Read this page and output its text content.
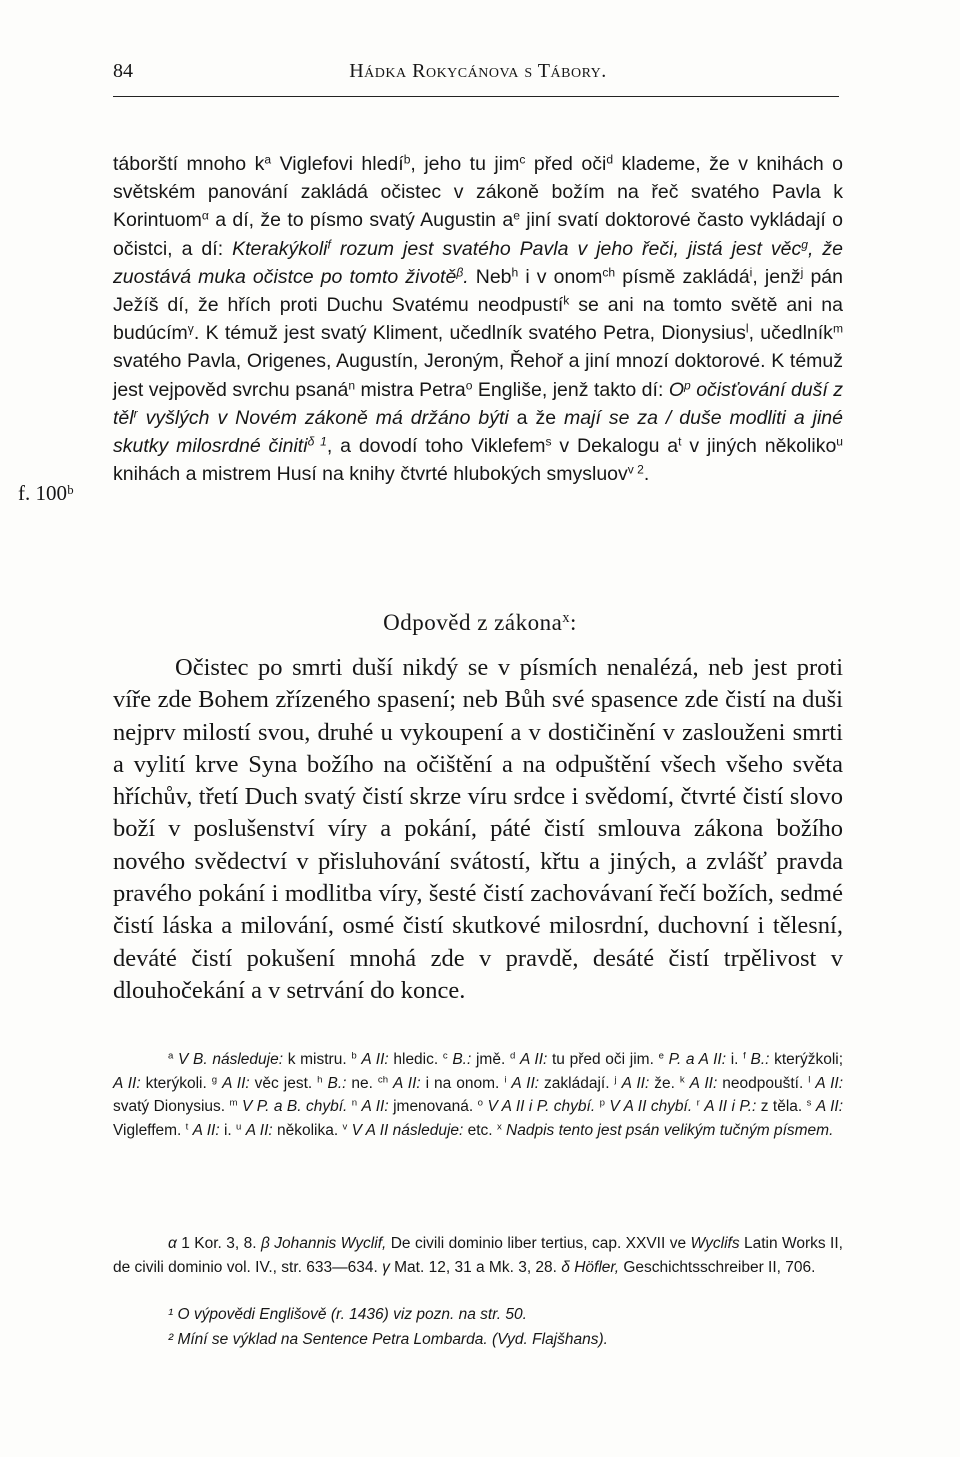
84	Hádka Rokycánova s Tábory.
táborští mnoho $k^a$ Viglefovi hledí$^b$, jeho tu jim$^c$ před oči$^d$ klademe, že v knihách o světském panování zakládá očistec v zákoně božím na řeč svatého Pavla k Korintuom$^\alpha$ a dí, že to písmo svatý Augustin $a^e$ jiní svatí doktorové často vykládají o očistci, a dí: Kterakýkoli$^f$ rozum jest svatého Pavla v jeho řeči, jistá jest věc$^g$, že zuostává muka očistce po tomto životě$^\beta$. Neb$^h$ i v onom$^{ch}$ písmě zakládá$^i$, jenž$^j$ pán Ježíš dí, že hřích proti Duchu Svatému neodpustí$^k$ se ani na tomto světě ani na budúcím$^\gamma$. K témuž jest svatý Kliment, učedlník svatého Petra, Dionysius$^l$, učedlník$^m$ svatého Pavla, Origenes, Augustín, Jeroným, Řehoř a jiní mnozí doktorové. K témuž jest vejpověd svrchu psaná$^n$ mistra Petra$^o$ Engliše, jenž takto dí: $O^p$ očisťování duší z těl$^r$ vyšlých v Novém zákoně má držáno býti a že mají se za / duše modliti a jiné skutky milosrdné činiti$^{\delta 1}$, a dovodí toho Viklefem$^s$ v Dekalogu $a^t$ v jiných několiko$^u$ knihách a mistrem Husí na knihy čtvrté hlubokých smysluov$^{v 2}$.
f. 100ᵇ
Odpověd z zákona$^x$:
Očistec po smrti duší nikdý se v písmích nenalézá, neb jest proti víře zde Bohem zřízeného spasení; neb Bůh své spasence zde čistí na duši nejprv milostí svou, druhé u vykoupení a v dostičinění v zaslouženi smrti a vylití krve Syna božího na očištění a na odpuštění všech všeho světa hříchův, třetí Duch svatý čistí skrze víru srdce i svědomí, čtvrté čistí slovo boží v poslušenství víry a pokání, páté čistí smlouva zákona božího nového svědectví v přisluhování svátostí, křtu a jiných, a zvlášť pravda pravého pokání i modlitba víry, šesté čistí zachovávaní řečí božích, sedmé čistí láska a milování, osmé čistí skutkové milosrdní, duchovní i tělesní, deváté čistí pokušení mnohá zde v pravdě, desáté čistí trpělivost v dlouhočekání a v setrvání do konce.
$^a$ V B. následuje: k mistru. $^b$ A II: hledic. $^c$ B.: jmě. $^d$ A II: tu před oči jim. $^e$ P. a A II: i. $^f$ B.: kterýžkoli; A II: kterýkoli. $^g$ A II: věc jest. $^h$ B.: ne. $^{ch}$ A II: i na onom. $^i$ A II: zakládají. $^j$ A II: že. $^k$ A II: neodpouští. $^l$ A II: svatý Dionysius. $^m$ V P. a B. chybí. $^n$ A II: jmenovaná. $^o$ V A II i P. chybí. $^p$ V A II chybí. $^r$ A II i P.: z těla. $^s$ A II: Vigleffem. $^t$ A II: i. $^u$ A II: několika. $^v$ V A II následuje: etc. $^x$ Nadpis tento jest psán velikým tučným písmem.
α 1 Kor. 3, 8. β Johannis Wyclif, De civili dominio liber tertius, cap. XXVII ve Wyclifs Latin Works II, de civili dominio vol. IV., str. 633—634. γ Mat. 12, 31 a Mk. 3, 28. δ Höfler, Geschichtsschreiber II, 706.
¹ O výpovědi Englišově (r. 1436) viz pozn. na str. 50.
² Míní se výklad na Sentence Petra Lombarda. (Vyd. Flajšhans).
